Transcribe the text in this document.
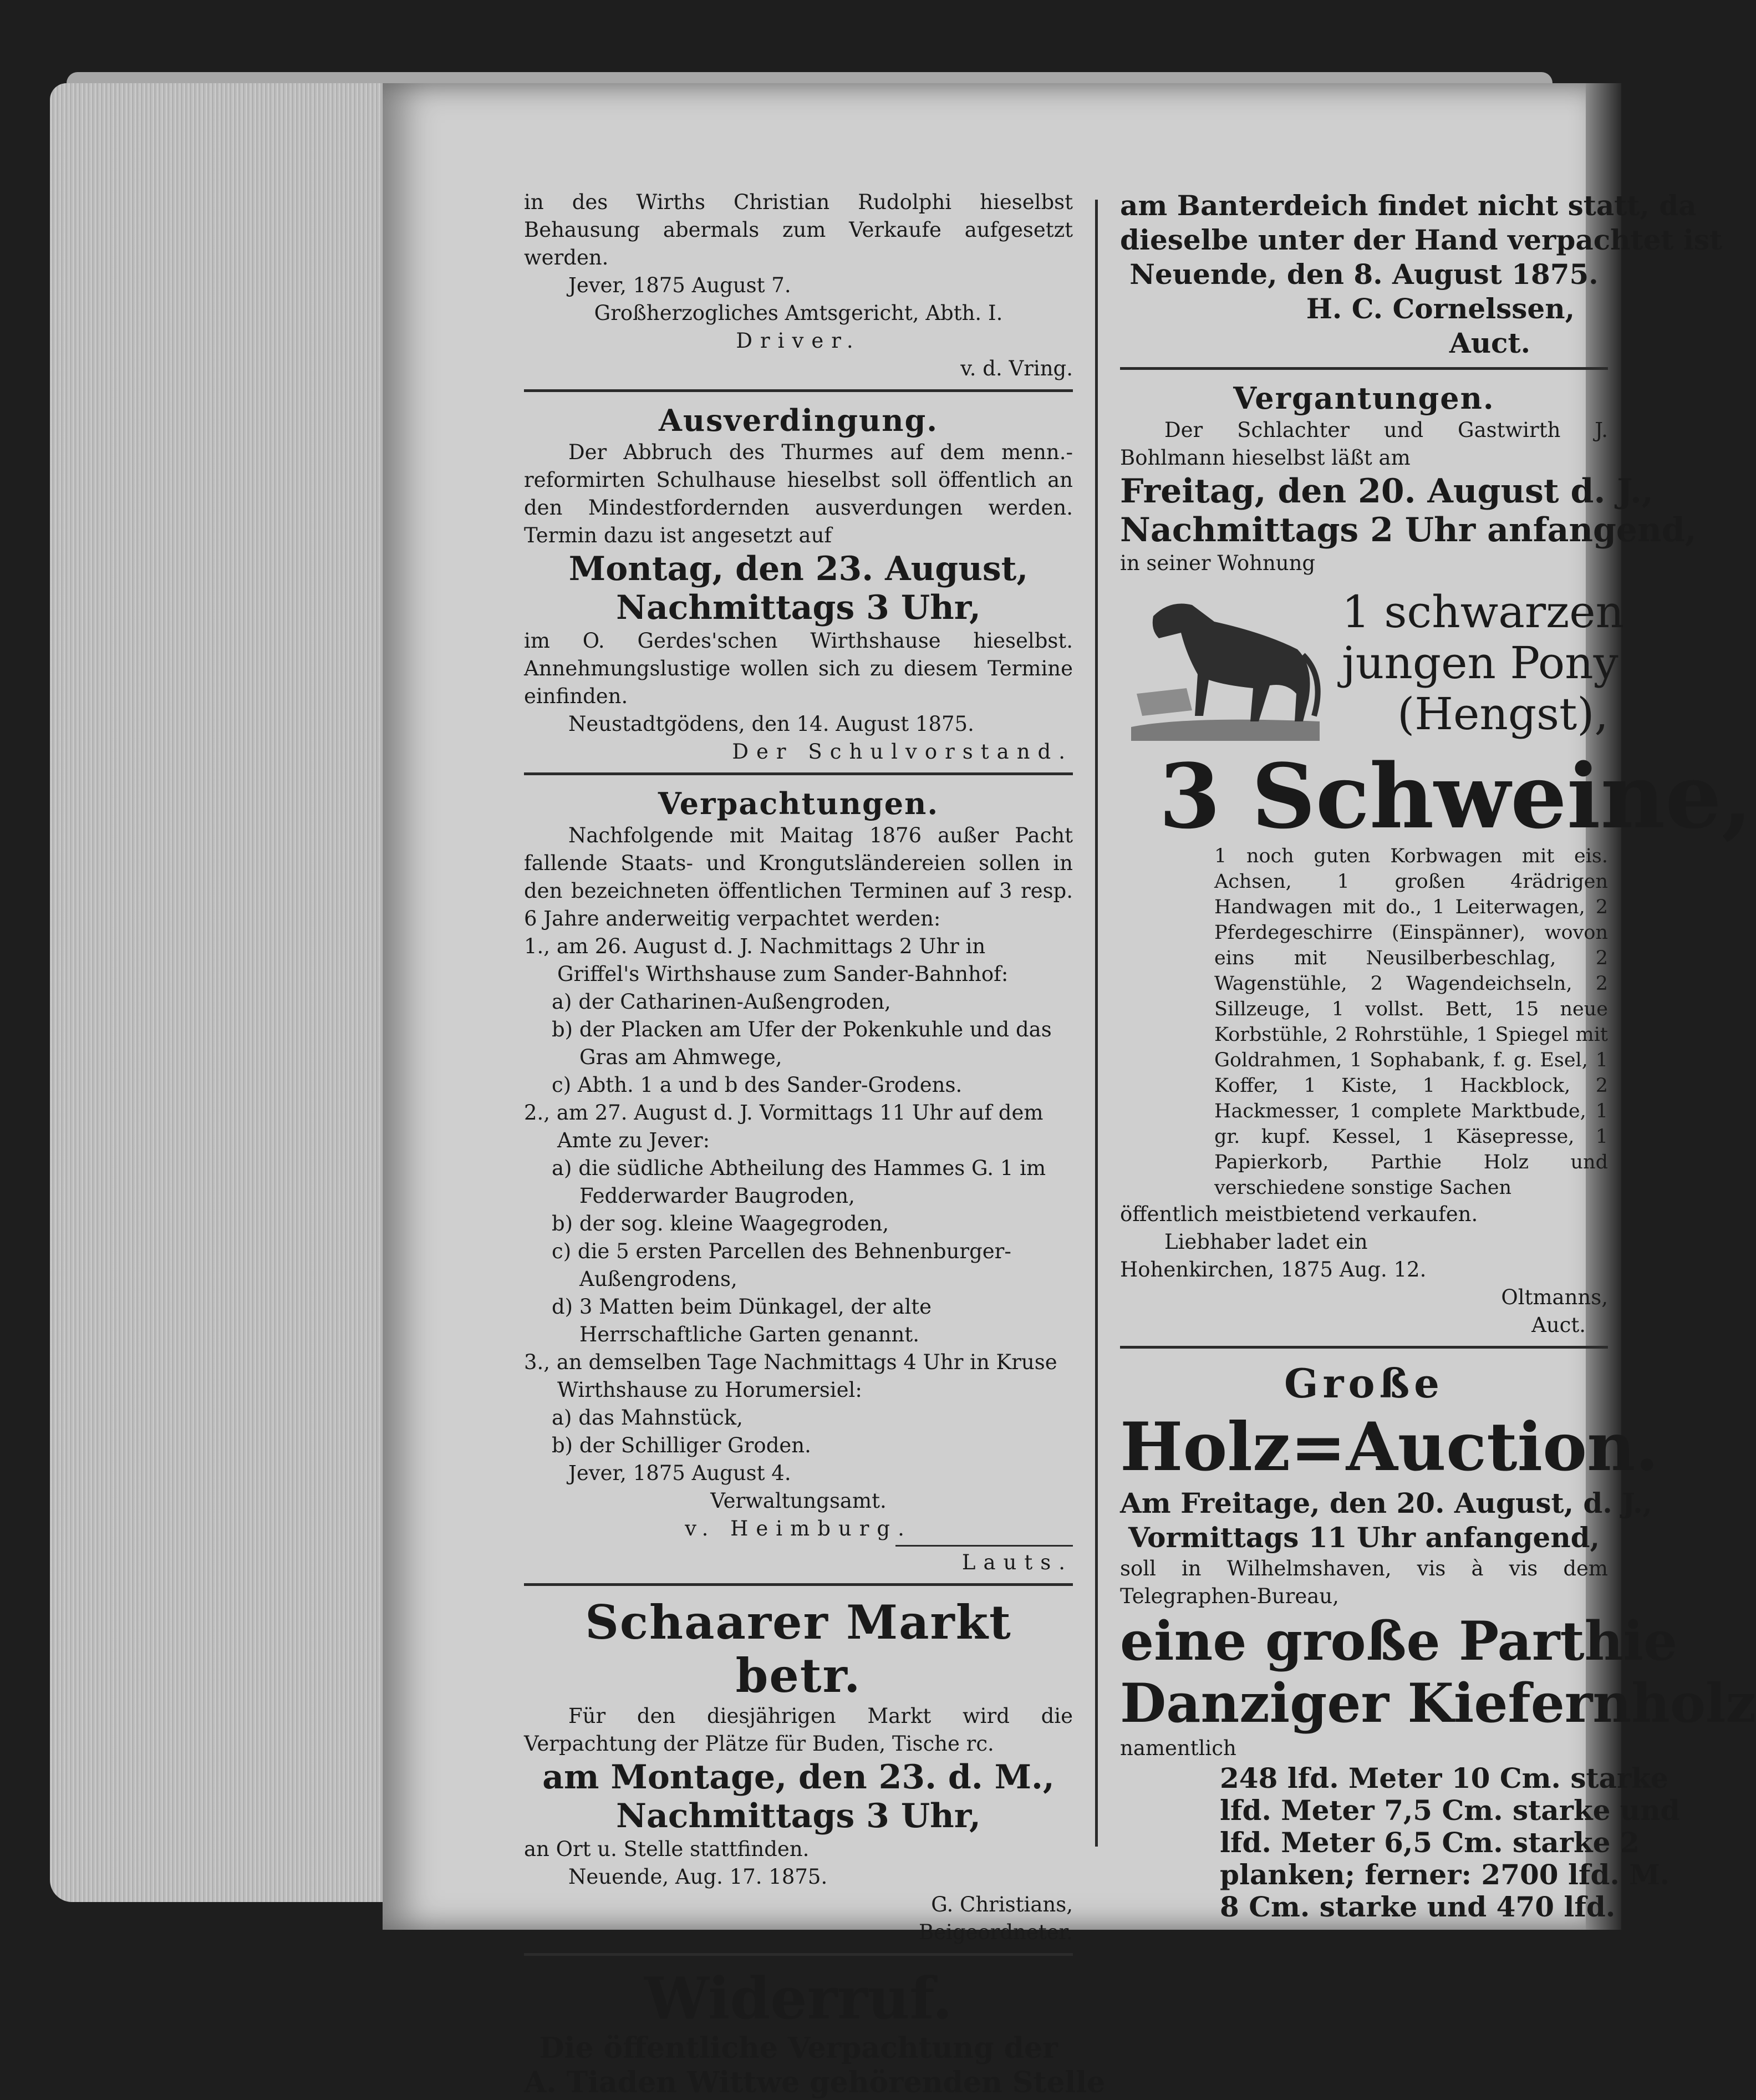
in des Wirths Christian Rudolphi hieselbst Behausung abermals zum Verkaufe aufgesetzt werden.
Jever, 1875 August 7.
Großherzogliches Amtsgericht, Abth. I.
Driver.
v. d. Vring.
Ausverdingung.
Der Abbruch des Thurmes auf dem menn.-reformirten Schulhause hieselbst soll öffentlich an den Mindestfordernden ausverdungen werden. Termin dazu ist angesetzt auf
Montag, den 23. August,
Nachmittags 3 Uhr,
im O. Gerdes'schen Wirthshause hieselbst. Annehmungslustige wollen sich zu diesem Termine einfinden.
Neustadtgödens, den 14. August 1875.
Der Schulvorstand.
Verpachtungen.
Nachfolgende mit Maitag 1876 außer Pacht fallende Staats- und Krongutsländereien sollen in den bezeichneten öffentlichen Terminen auf 3 resp. 6 Jahre anderweitig verpachtet werden:
1., am 26. August d. J. Nachmittags 2 Uhr in Griffel's Wirthshause zum Sander-Bahnhof:
a) der Catharinen-Außengroden,
b) der Placken am Ufer der Pokenkuhle und das Gras am Ahmwege,
c) Abth. 1 a und b des Sander-Grodens.
2., am 27. August d. J. Vormittags 11 Uhr auf dem Amte zu Jever:
a) die südliche Abtheilung des Hammes G. 1 im Fedderwarder Baugroden,
b) der sog. kleine Waagegroden,
c) die 5 ersten Parcellen des Behnenburger-Außengrodens,
d) 3 Matten beim Dünkagel, der alte Herrschaftliche Garten genannt.
3., an demselben Tage Nachmittags 4 Uhr in Kruse Wirthshause zu Horumersiel:
a) das Mahnstück,
b) der Schilliger Groden.
Jever, 1875 August 4.
Verwaltungsamt.
v. Heimburg.
Lauts.
Schaarer Markt betr.
Für den diesjährigen Markt wird die Verpachtung der Plätze für Buden, Tische rc.
am Montage, den 23. d. M.,
Nachmittags 3 Uhr,
an Ort u. Stelle stattfinden.
Neuende, Aug. 17. 1875.
G. Christians,
Beigeordneter.
Widerruf.
Die öffentliche Verpachtung der
A. Tiaden Wittwe gehörenden Stelle
am Banterdeich findet nicht statt, da
dieselbe unter der Hand verpachtet ist
Neuende, den 8. August 1875.
H. C. Cornelssen,
Auct.
Vergantungen.
Der Schlachter und Gastwirth J. Bohlmann hieselbst läßt am
Freitag, den 20. August d. J.,
Nachmittags 2 Uhr anfangend,
in seiner Wohnung
1 schwarzen
jungen Pony
(Hengst),
3 Schweine,
1 noch guten Korbwagen mit eis. Achsen, 1 großen 4rädrigen Handwagen mit do., 1 Leiterwagen, 2 Pferdegeschirre (Einspänner), wovon eins mit Neusilberbeschlag, 2 Wagenstühle, 2 Wagendeichseln, 2 Sillzeuge, 1 vollst. Bett, 15 neue Korbstühle, 2 Rohrstühle, 1 Spiegel mit Goldrahmen, 1 Sophabank, f. g. Esel, 1 Koffer, 1 Kiste, 1 Hackblock, 2 Hackmesser, 1 complete Marktbude, 1 gr. kupf. Kessel, 1 Käsepresse, 1 Papierkorb, Parthie Holz und verschiedene sonstige Sachen
öffentlich meistbietend verkaufen.
Liebhaber ladet ein
Hohenkirchen, 1875 Aug. 12.
Oltmanns,
Auct.
Große
Holz=Auction.
Am Freitage, den 20. August, d. J.,
Vormittags 11 Uhr anfangend,
soll in Wilhelmshaven, vis à vis dem Telegraphen-Bureau,
eine große Parthie
Danziger Kiefernholz
namentlich
248 lfd. Meter 10 Cm. starke
lfd. Meter 7,5 Cm. starke und
lfd. Meter 6,5 Cm. starke 2
planken; ferner: 2700 lfd. M.
8 Cm. starke und 470 lfd.
